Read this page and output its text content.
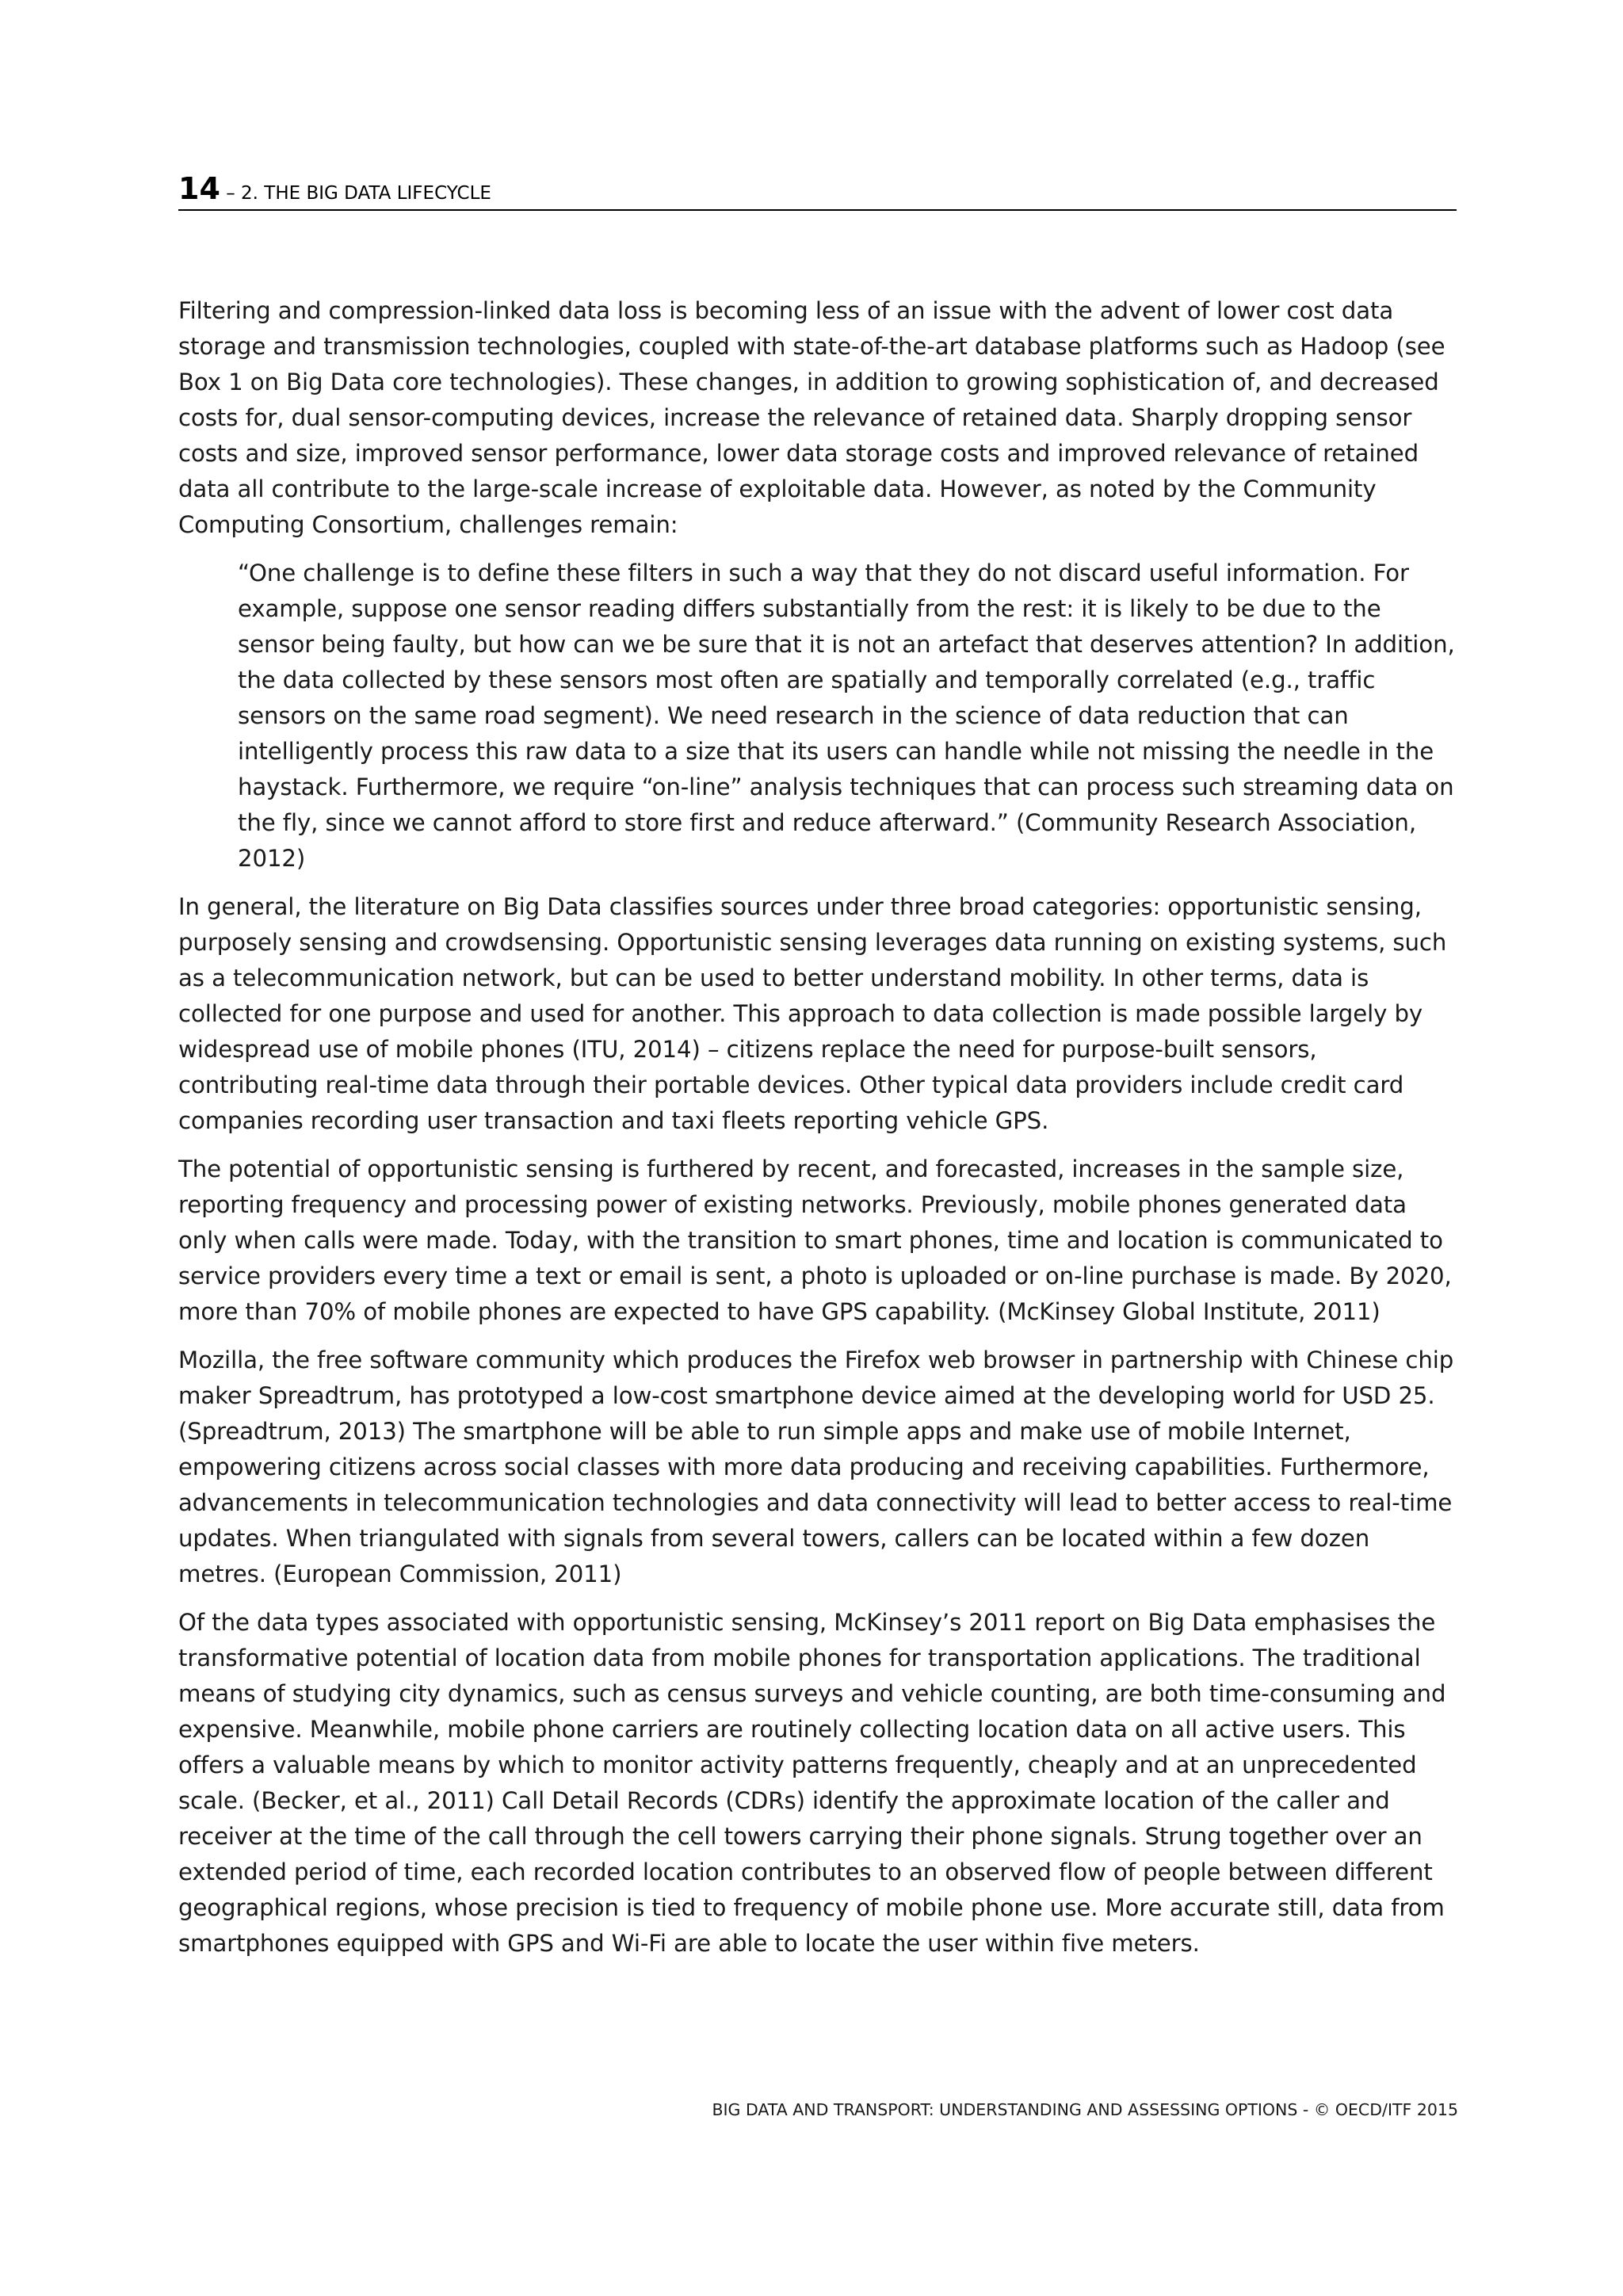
14 – 2. THE BIG DATA LIFECYCLE

Filtering and compression-linked data loss is becoming less of an issue with the advent of lower cost data storage and transmission technologies, coupled with state-of-the-art database platforms such as Hadoop (see Box 1 on Big Data core technologies). These changes, in addition to growing sophistication of, and decreased costs for, dual sensor-computing devices, increase the relevance of retained data. Sharply dropping sensor costs and size, improved sensor performance, lower data storage costs and improved relevance of retained data all contribute to the large-scale increase of exploitable data. However, as noted by the Community Computing Consortium, challenges remain:

“One challenge is to define these filters in such a way that they do not discard useful information. For example, suppose one sensor reading differs substantially from the rest: it is likely to be due to the sensor being faulty, but how can we be sure that it is not an artefact that deserves attention? In addition, the data collected by these sensors most often are spatially and temporally correlated (e.g., traffic sensors on the same road segment). We need research in the science of data reduction that can intelligently process this raw data to a size that its users can handle while not missing the needle in the haystack. Furthermore, we require “on-line” analysis techniques that can process such streaming data on the fly, since we cannot afford to store first and reduce afterward.” (Community Research Association, 2012)

In general, the literature on Big Data classifies sources under three broad categories: opportunistic sensing, purposely sensing and crowdsensing. Opportunistic sensing leverages data running on existing systems, such as a telecommunication network, but can be used to better understand mobility. In other terms, data is collected for one purpose and used for another. This approach to data collection is made possible largely by widespread use of mobile phones (ITU, 2014) – citizens replace the need for purpose-built sensors, contributing real-time data through their portable devices. Other typical data providers include credit card companies recording user transaction and taxi fleets reporting vehicle GPS.

The potential of opportunistic sensing is furthered by recent, and forecasted, increases in the sample size, reporting frequency and processing power of existing networks. Previously, mobile phones generated data only when calls were made. Today, with the transition to smart phones, time and location is communicated to service providers every time a text or email is sent, a photo is uploaded or on-line purchase is made. By 2020, more than 70% of mobile phones are expected to have GPS capability. (McKinsey Global Institute, 2011)

Mozilla, the free software community which produces the Firefox web browser in partnership with Chinese chip maker Spreadtrum, has prototyped a low-cost smartphone device aimed at the developing world for USD 25. (Spreadtrum, 2013) The smartphone will be able to run simple apps and make use of mobile Internet, empowering citizens across social classes with more data producing and receiving capabilities. Furthermore, advancements in telecommunication technologies and data connectivity will lead to better access to real-time updates. When triangulated with signals from several towers, callers can be located within a few dozen metres. (European Commission, 2011)

Of the data types associated with opportunistic sensing, McKinsey’s 2011 report on Big Data emphasises the transformative potential of location data from mobile phones for transportation applications. The traditional means of studying city dynamics, such as census surveys and vehicle counting, are both time-consuming and expensive. Meanwhile, mobile phone carriers are routinely collecting location data on all active users. This offers a valuable means by which to monitor activity patterns frequently, cheaply and at an unprecedented scale. (Becker, et al., 2011) Call Detail Records (CDRs) identify the approximate location of the caller and receiver at the time of the call through the cell towers carrying their phone signals. Strung together over an extended period of time, each recorded location contributes to an observed flow of people between different geographical regions, whose precision is tied to frequency of mobile phone use. More accurate still, data from smartphones equipped with GPS and Wi-Fi are able to locate the user within five meters.

BIG DATA AND TRANSPORT: UNDERSTANDING AND ASSESSING OPTIONS - © OECD/ITF 2015
